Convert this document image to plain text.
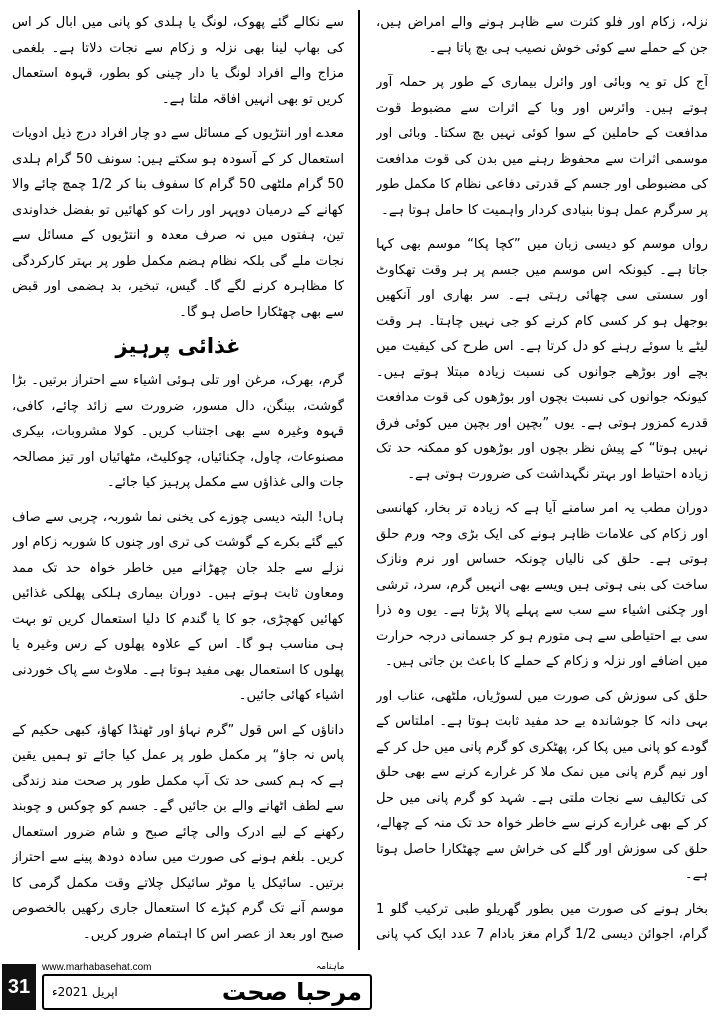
نزلہ، زکام اور فلو کثرت سے ظاہر ہونے والے امراض ہیں، جن کے حملے سے کوئی خوش نصیب ہی بچ پاتا ہے۔

آج کل تو یہ وبائی اور وائرل بیماری کے طور پر حملہ آور ہوتے ہیں۔ وائرس اور وبا کے اثرات سے مضبوط قوت مدافعت کے حاملین کے سوا کوئی نہیں بچ سکتا۔ وبائی اور موسمی اثرات سے محفوظ رہنے میں بدن کی قوت مدافعت کی مضبوطی اور جسم کے قدرتی دفاعی نظام کا مکمل طور پر سرگرم عمل ہونا بنیادی کردار واہمیت کا حامل ہوتا ہے۔

رواں موسم کو دیسی زبان میں ”کچا پکا“ موسم بھی کہا جاتا ہے۔ کیونکہ اس موسم میں جسم پر ہر وقت تھکاوٹ اور سستی سی چھائی رہتی ہے۔ سر بھاری اور آنکھیں بوجھل ہو کر کسی کام کرنے کو جی نہیں چاہتا۔ ہر وقت لیٹے یا سوئے رہنے کو دل کرتا ہے۔ اس طرح کی کیفیت میں بچے اور بوڑھے جوانوں کی نسبت زیادہ مبتلا ہوتے ہیں۔ کیونکہ جوانوں کی نسبت بچوں اور بوڑھوں کی قوت مدافعت قدرے کمزور ہوتی ہے۔ یوں ”بچپن اور بچپن میں کوئی فرق نہیں ہوتا“ کے پیش نظر بچوں اور بوڑھوں کو ممکنہ حد تک زیادہ احتیاط اور بہتر نگہداشت کی ضرورت ہوتی ہے۔

دوران مطب یہ امر سامنے آیا ہے کہ زیادہ تر بخار، کھانسی اور زکام کی علامات ظاہر ہونے کی ایک بڑی وجہ ورم حلق ہوتی ہے۔ حلق کی نالیاں چونکہ حساس اور نرم ونازک ساخت کی بنی ہوتی ہیں ویسے بھی انہیں گرم، سرد، ترشی اور چکنی اشیاء سے سب سے پہلے پالا پڑتا ہے۔ یوں وہ ذرا سی بے احتیاطی سے ہی متورم ہو کر جسمانی درجہ حرارت میں اضافے اور نزلہ و زکام کے حملے کا باعث بن جاتی ہیں۔

حلق کی سوزش کی صورت میں لسوڑیاں، ملٹھی، عناب اور بہی دانہ کا جوشاندہ بے حد مفید ثابت ہوتا ہے۔ املتاس کے گودے کو پانی میں پکا کر، پھٹکری کو گرم پانی میں حل کر کے اور نیم گرم پانی میں نمک ملا کر غرارے کرنے سے بھی حلق کی تکالیف سے نجات ملتی ہے۔ شہد کو گرم پانی میں حل کر کے بھی غرارے کرنے سے خاطر خواہ حد تک منہ کے چھالے، حلق کی سوزش اور گلے کی خراش سے چھٹکارا حاصل ہوتا ہے۔

بخار ہونے کی صورت میں بطور گھریلو طبی ترکیب گلو 1 گرام، اجوائن دیسی 1/2 گرام مغز بادام 7 عدد ایک کپ پانی

سے نکالے گئے پھوک، لونگ یا ہلدی کو پانی میں ابال کر اس کی بھاپ لینا بھی نزلہ و زکام سے نجات دلاتا ہے۔ بلغمی مزاج والے افراد لونگ یا دار چینی کو بطور، قہوہ استعمال کریں تو بھی انہیں افاقہ ملتا ہے۔

معدے اور انتڑیوں کے مسائل سے دو چار افراد درج ذیل ادویات استعمال کر کے آسودہ ہو سکتے ہیں: سونف 50 گرام ہلدی 50 گرام ملٹھی 50 گرام کا سفوف بنا کر 1/2 چمچ چائے والا کھانے کے درمیان دوپہر اور رات کو کھائیں تو بفضل خداوندی تین، ہفتوں میں نہ صرف معدہ و انتڑیوں کے مسائل سے نجات ملے گی بلکہ نظام ہضم مکمل طور پر بہتر کارکردگی کا مظاہرہ کرنے لگے گا۔ گیس، تبخیر، بد ہضمی اور قبض سے بھی چھٹکارا حاصل ہو گا۔

غذائی پرہیز

گرم، بھرک، مرغن اور تلی ہوئی اشیاء سے احتراز برتیں۔ بڑا گوشت، بینگن، دال مسور، ضرورت سے زائد چائے، کافی، قہوہ وغیرہ سے بھی اجتناب کریں۔ کولا مشروبات، بیکری مصنوعات، چاول، چکنائیاں، چوکلیٹ، مٹھائیاں اور تیز مصالحہ جات والی غذاؤں سے مکمل پرہیز کیا جائے۔

ہاں! البتہ دیسی چوزے کی یخنی نما شوربہ، چربی سے صاف کیے گئے بکرے کے گوشت کی تری اور چنوں کا شوربہ زکام اور نزلے سے جلد جان چھڑانے میں خاطر خواہ حد تک ممد ومعاون ثابت ہوتے ہیں۔ دوران بیماری ہلکی پھلکی غذائیں کھائیں کھچڑی، جو کا یا گندم کا دلیا استعمال کریں تو بہت ہی مناسب ہو گا۔ اس کے علاوہ پھلوں کے رس وغیرہ یا پھلوں کا استعمال بھی مفید ہوتا ہے۔ ملاوٹ سے پاک خوردنی اشیاء کھائی جائیں۔

داناؤں کے اس قول ”گرم نہاؤ اور ٹھنڈا کھاؤ، کبھی حکیم کے پاس نہ جاؤ“ پر مکمل طور پر عمل کیا جائے تو ہمیں یقین ہے کہ ہم کسی حد تک آپ مکمل طور پر صحت مند زندگی سے لطف اٹھانے والے بن جائیں گے۔ جسم کو چوکس و چوبند رکھنے کے لیے ادرک والی چائے صبح و شام ضرور استعمال کریں۔ بلغم ہونے کی صورت میں سادہ دودھ پینے سے احتراز برتیں۔ سائیکل یا موٹر سائیکل چلاتے وقت مکمل گرمی کا موسم آنے تک گرم کپڑے کا استعمال جاری رکھیں بالخصوص صبح اور بعد از عصر اس کا اہتمام ضرور کریں۔

31
www.marhabasehat.com	ماہنامہ
اپریل 2021ء	مرحبا صحت
